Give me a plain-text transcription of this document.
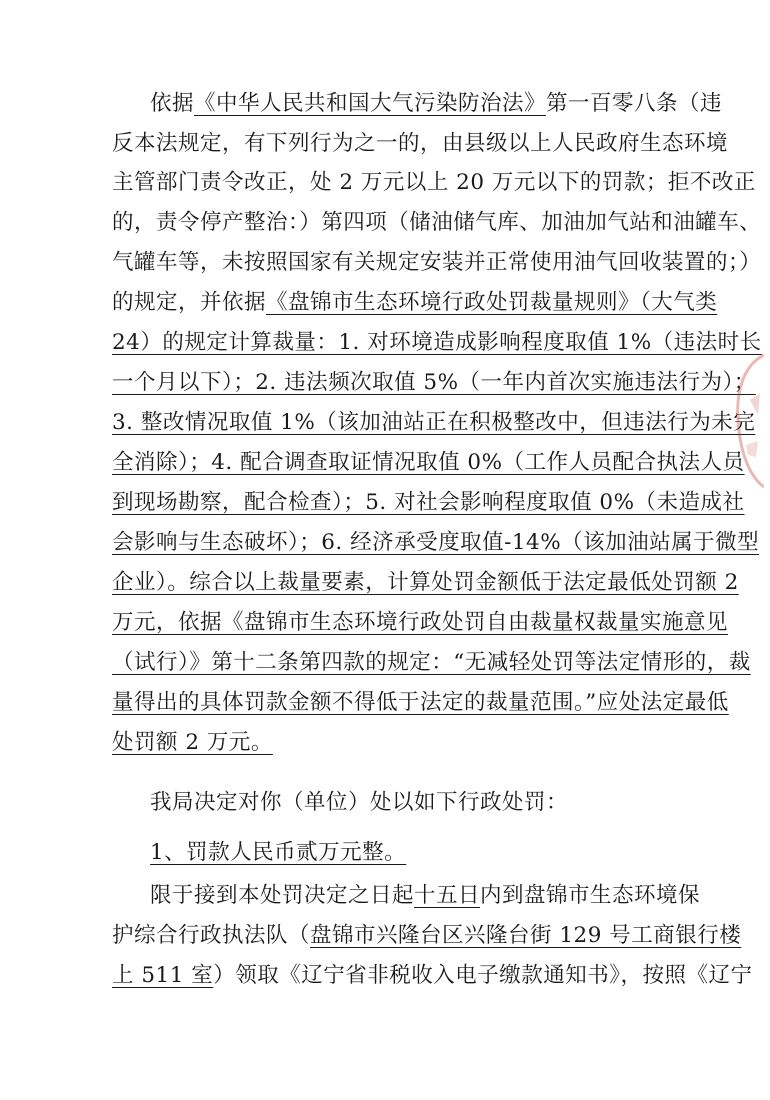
依据《中华人民共和国大气污染防治法》第一百零八条（违
反本法规定，有下列行为之一的，由县级以上人民政府生态环境
主管部门责令改正，处 2 万元以上 20 万元以下的罚款；拒不改正
的，责令停产整治：）第四项（储油储气库、加油加气站和油罐车、
气罐车等，未按照国家有关规定安装并正常使用油气回收装置的；）
的规定，并依据《盘锦市生态环境行政处罚裁量规则》（大气类
24）的规定计算裁量：1. 对环境造成影响程度取值 1%（违法时长
一个月以下）；2. 违法频次取值 5%（一年内首次实施违法行为）；
3. 整改情况取值 1%（该加油站正在积极整改中，但违法行为未完
全消除）；4. 配合调查取证情况取值 0%（工作人员配合执法人员
到现场勘察，配合检查）；5. 对社会影响程度取值 0%（未造成社
会影响与生态破坏）；6. 经济承受度取值-14%（该加油站属于微型
企业）。综合以上裁量要素，计算处罚金额低于法定最低处罚额 2
万元，依据《盘锦市生态环境行政处罚自由裁量权裁量实施意见
（试行）》第十二条第四款的规定：“无减轻处罚等法定情形的，裁
量得出的具体罚款金额不得低于法定的裁量范围。”应处法定最低
处罚额 2 万元。
我局决定对你（单位）处以如下行政处罚：
1、罚款人民币贰万元整。
限于接到本处罚决定之日起十五日内到盘锦市生态环境保
护综合行政执法队（盘锦市兴隆台区兴隆台街 129 号工商银行楼
上 511 室）领取《辽宁省非税收入电子缴款通知书》，按照《辽宁
